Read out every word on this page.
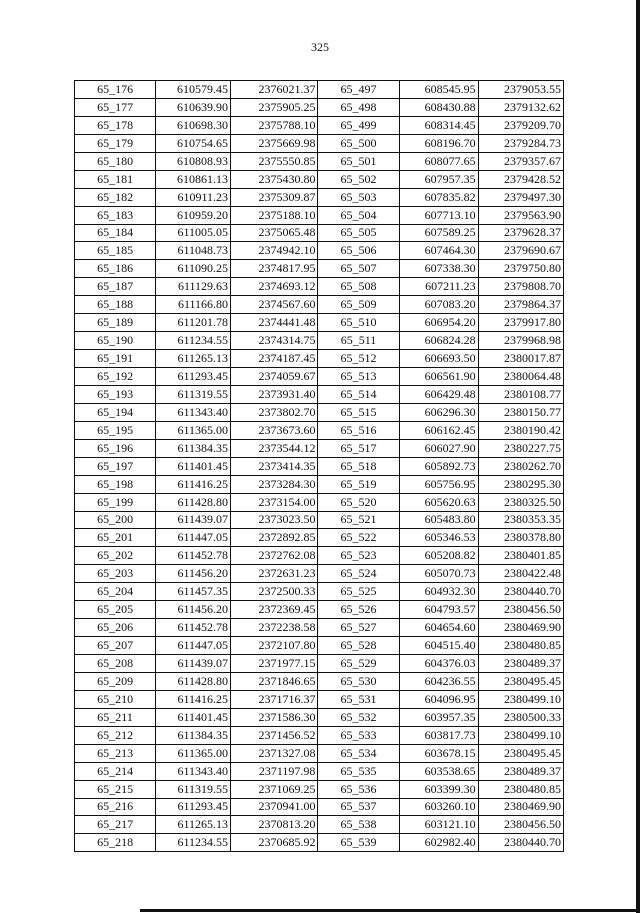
325
65_176	610579.45	2376021.37	65_497	608545.95	2379053.55
65_177	610639.90	2375905.25	65_498	608430.88	2379132.62
65_178	610698.30	2375788.10	65_499	608314.45	2379209.70
65_179	610754.65	2375669.98	65_500	608196.70	2379284.73
65_180	610808.93	2375550.85	65_501	608077.65	2379357.67
65_181	610861.13	2375430.80	65_502	607957.35	2379428.52
65_182	610911.23	2375309.87	65_503	607835.82	2379497.30
65_183	610959.20	2375188.10	65_504	607713.10	2379563.90
65_184	611005.05	2375065.48	65_505	607589.25	2379628.37
65_185	611048.73	2374942.10	65_506	607464.30	2379690.67
65_186	611090.25	2374817.95	65_507	607338.30	2379750.80
65_187	611129.63	2374693.12	65_508	607211.23	2379808.70
65_188	611166.80	2374567.60	65_509	607083.20	2379864.37
65_189	611201.78	2374441.48	65_510	606954.20	2379917.80
65_190	611234.55	2374314.75	65_511	606824.28	2379968.98
65_191	611265.13	2374187.45	65_512	606693.50	2380017.87
65_192	611293.45	2374059.67	65_513	606561.90	2380064.48
65_193	611319.55	2373931.40	65_514	606429.48	2380108.77
65_194	611343.40	2373802.70	65_515	606296.30	2380150.77
65_195	611365.00	2373673.60	65_516	606162.45	2380190.42
65_196	611384.35	2373544.12	65_517	606027.90	2380227.75
65_197	611401.45	2373414.35	65_518	605892.73	2380262.70
65_198	611416.25	2373284.30	65_519	605756.95	2380295.30
65_199	611428.80	2373154.00	65_520	605620.63	2380325.50
65_200	611439.07	2373023.50	65_521	605483.80	2380353.35
65_201	611447.05	2372892.85	65_522	605346.53	2380378.80
65_202	611452.78	2372762.08	65_523	605208.82	2380401.85
65_203	611456.20	2372631.23	65_524	605070.73	2380422.48
65_204	611457.35	2372500.33	65_525	604932.30	2380440.70
65_205	611456.20	2372369.45	65_526	604793.57	2380456.50
65_206	611452.78	2372238.58	65_527	604654.60	2380469.90
65_207	611447.05	2372107.80	65_528	604515.40	2380480.85
65_208	611439.07	2371977.15	65_529	604376.03	2380489.37
65_209	611428.80	2371846.65	65_530	604236.55	2380495.45
65_210	611416.25	2371716.37	65_531	604096.95	2380499.10
65_211	611401.45	2371586.30	65_532	603957.35	2380500.33
65_212	611384.35	2371456.52	65_533	603817.73	2380499.10
65_213	611365.00	2371327.08	65_534	603678.15	2380495.45
65_214	611343.40	2371197.98	65_535	603538.65	2380489.37
65_215	611319.55	2371069.25	65_536	603399.30	2380480.85
65_216	611293.45	2370941.00	65_537	603260.10	2380469.90
65_217	611265.13	2370813.20	65_538	603121.10	2380456.50
65_218	611234.55	2370685.92	65_539	602982.40	2380440.70
